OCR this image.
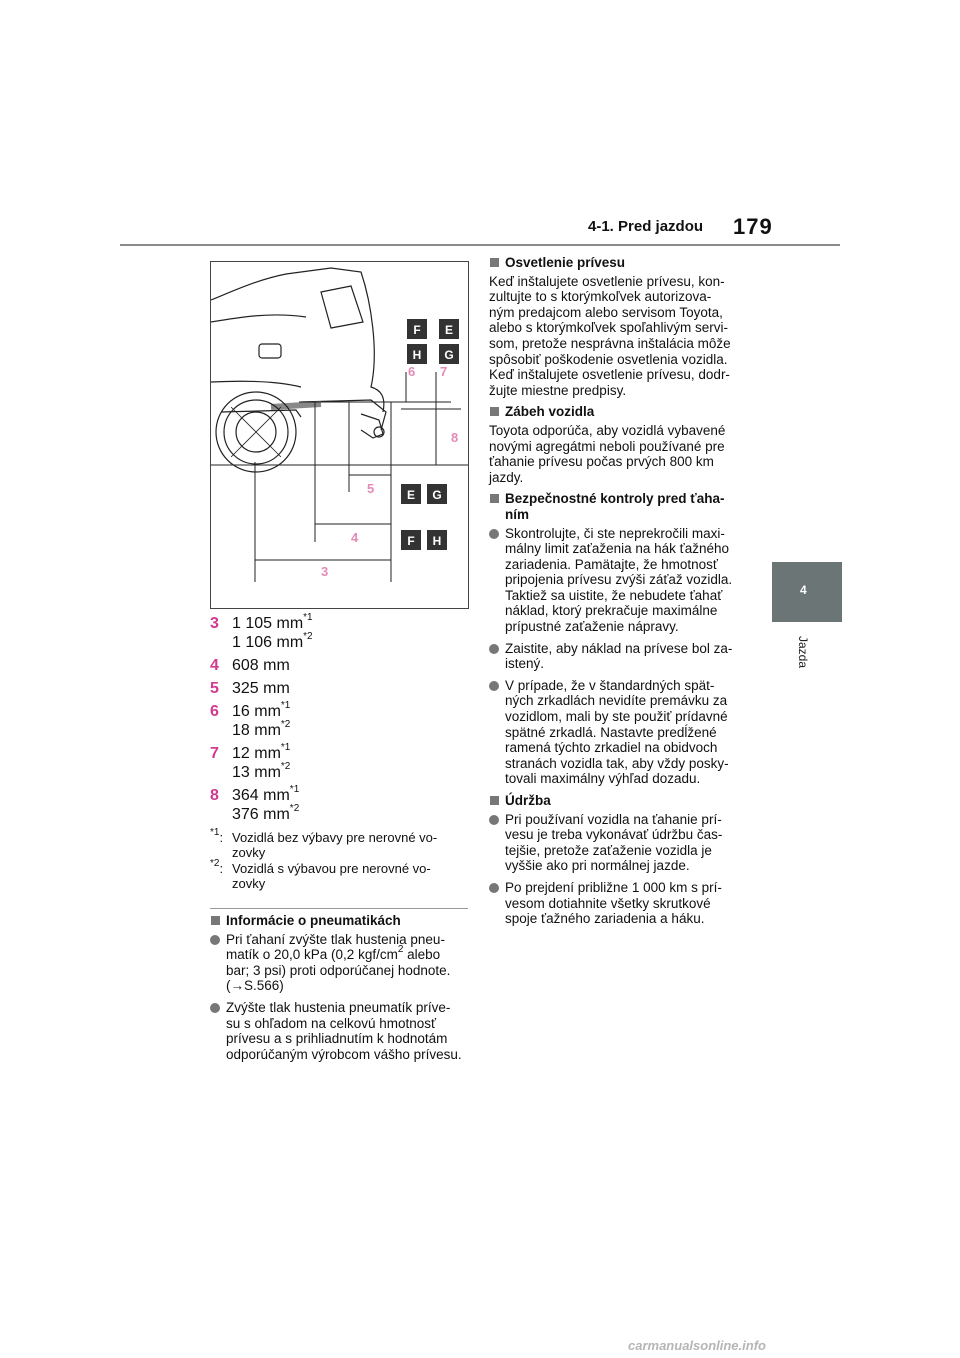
4-1. Pred jazdou 179
4
Jazda
6 7
8
5
4
3
F E
H G
E G
F H
3 1 105 $mm^{*1}$
1 106 $mm^{*2}$
4 608 mm
5 325 mm
6 16 $mm^{*1}$
18 $mm^{*2}$
7 12 $mm^{*1}$
13 $mm^{*2}$
8 364 $mm^{*1}$
376 $mm^{*2}$
$^{*1}$: Vozidlá bez výbavy pre nerovné vo-
zovky
$^{*2}$: Vozidlá s výbavou pre nerovné vo-
zovky
Informácie o pneumatikách
Pri ťahaní zvýšte tlak hustenia pneu-
matík o 20,0 kPa (0,2 kgf/$cm^2$ alebo
bar; 3 psi) proti odporúčanej hodnote.
(→S.566)
Zvýšte tlak hustenia pneumatík príve-
su s ohľadom na celkovú hmotnosť
prívesu a s prihliadnutím k hodnotám
odporúčaným výrobcom vášho prívesu.
Osvetlenie prívesu
Keď inštalujete osvetlenie prívesu, kon-
zultujte to s ktorýmkoľvek autorizova-
ným predajcom alebo servisom Toyota,
alebo s ktorýmkoľvek spoľahlivým servi-
som, pretože nesprávna inštalácia môže
spôsobiť poškodenie osvetlenia vozidla.
Keď inštalujete osvetlenie prívesu, dodr-
žujte miestne predpisy.
Zábeh vozidla
Toyota odporúča, aby vozidlá vybavené
novými agregátmi neboli používané pre
ťahanie prívesu počas prvých 800 km
jazdy.
Bezpečnostné kontroly pred ťaha-
ním
Skontrolujte, či ste neprekročili maxi-
málny limit zaťaženia na hák ťažného
zariadenia. Pamätajte, že hmotnosť
pripojenia prívesu zvýši záťaž vozidla.
Taktiež sa uistite, že nebudete ťahať
náklad, ktorý prekračuje maximálne
prípustné zaťaženie nápravy.
Zaistite, aby náklad na prívese bol za-
istený.
V prípade, že v štandardných spät-
ných zrkadlách nevidíte premávku za
vozidlom, mali by ste použiť prídavné
spätné zrkadlá. Nastavte predĺžené
ramená týchto zrkadiel na obidvoch
stranách vozidla tak, aby vždy posky-
tovali maximálny výhľad dozadu.
Údržba
Pri používaní vozidla na ťahanie prí-
vesu je treba vykonávať údržbu čas-
tejšie, pretože zaťaženie vozidla je
vyššie ako pri normálnej jazde.
Po prejdení približne 1 000 km s prí-
vesom dotiahnite všetky skrutkové
spoje ťažného zariadenia a háku.
carmanualsonline.info
